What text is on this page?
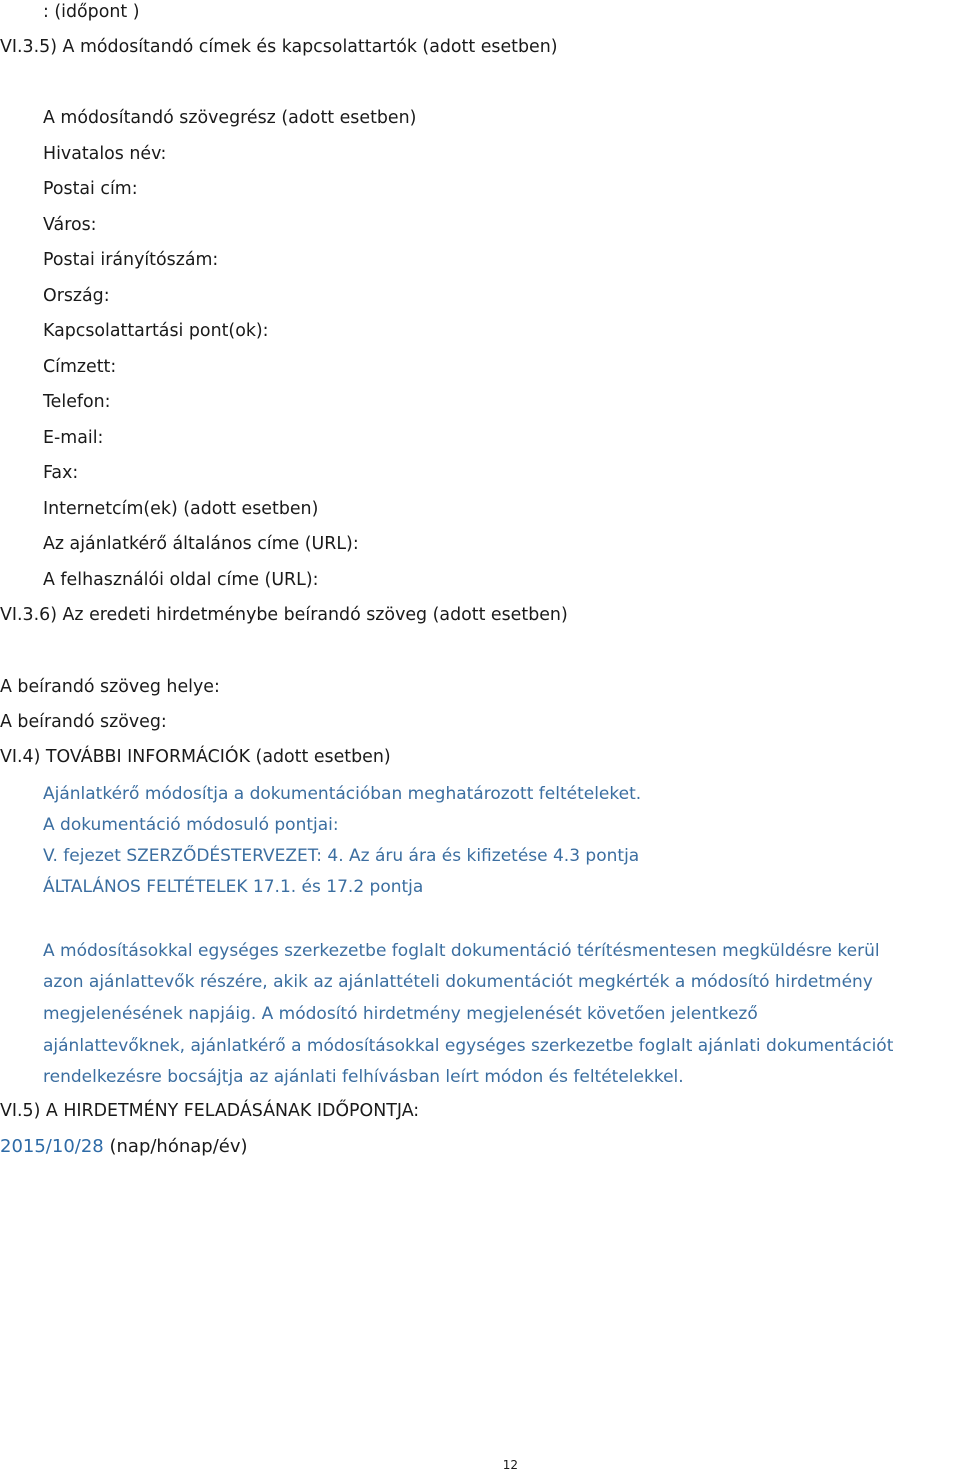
: (időpont )
VI.3.5) A módosítandó címek és kapcsolattartók (adott esetben)
A módosítandó szövegrész (adott esetben)
Hivatalos név:
Postai cím:
Város:
Postai irányítószám:
Ország:
Kapcsolattartási pont(ok):
Címzett:
Telefon:
E-mail:
Fax:
Internetcím(ek) (adott esetben)
Az ajánlatkérő általános címe (URL):
A felhasználói oldal címe (URL):
VI.3.6) Az eredeti hirdetménybe beírandó szöveg (adott esetben)
A beírandó szöveg helye:
A beírandó szöveg:
VI.4) TOVÁBBI INFORMÁCIÓK (adott esetben)
Ajánlatkérő módosítja a dokumentációban meghatározott feltételeket.
A dokumentáció módosuló pontjai:
V. fejezet SZERZŐDÉSTERVEZET: 4. Az áru ára és kifizetése 4.3 pontja
ÁLTALÁNOS FELTÉTELEK 17.1. és 17.2 pontja
A módosításokkal egységes szerkezetbe foglalt dokumentáció térítésmentesen megküldésre kerül
azon ajánlattevők részére, akik az ajánlattételi dokumentációt megkérték a módosító hirdetmény
megjelenésének napjáig. A módosító hirdetmény megjelenését követően jelentkező
ajánlattevőknek, ajánlatkérő a módosításokkal egységes szerkezetbe foglalt ajánlati dokumentációt
rendelkezésre bocsájtja az ajánlati felhívásban leírt módon és feltételekkel.
VI.5) A HIRDETMÉNY FELADÁSÁNAK IDŐPONTJA:
2015/10/28 (nap/hónap/év)
12
